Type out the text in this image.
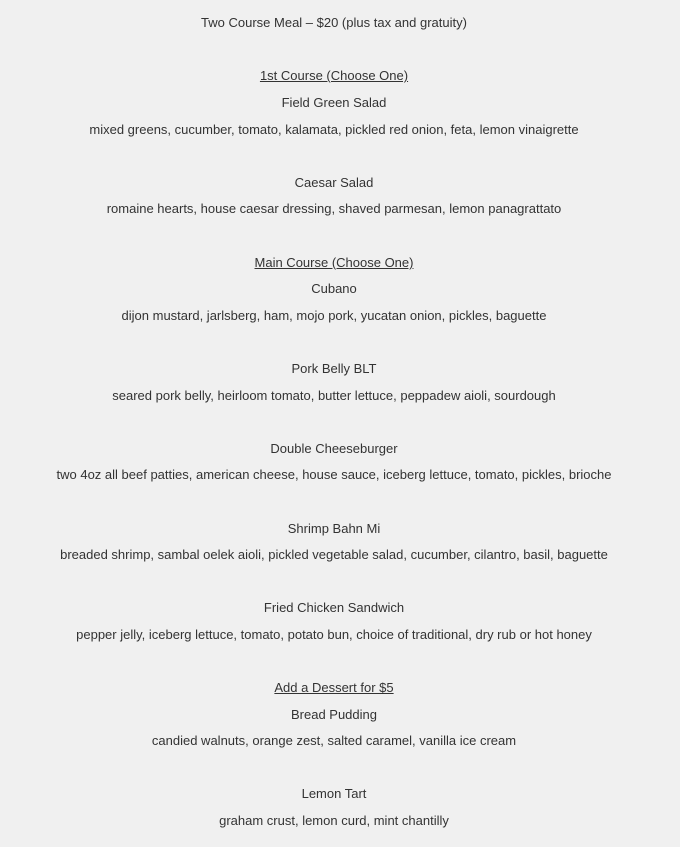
Two Course Meal – $20 (plus tax and gratuity)
1st Course (Choose One)
Field Green Salad
mixed greens, cucumber, tomato, kalamata, pickled red onion, feta, lemon vinaigrette
Caesar Salad
romaine hearts, house caesar dressing, shaved parmesan, lemon panagrattato
Main Course (Choose One)
Cubano
dijon mustard, jarlsberg, ham, mojo pork, yucatan onion, pickles, baguette
Pork Belly BLT
seared pork belly, heirloom tomato, butter lettuce, peppadew aioli, sourdough
Double Cheeseburger
two 4oz all beef patties, american cheese, house sauce, iceberg lettuce, tomato, pickles, brioche
Shrimp Bahn Mi
breaded shrimp, sambal oelek aioli, pickled vegetable salad, cucumber, cilantro, basil, baguette
Fried Chicken Sandwich
pepper jelly, iceberg lettuce, tomato, potato bun, choice of traditional, dry rub or hot honey
Add a Dessert for $5
Bread Pudding
candied walnuts, orange zest, salted caramel, vanilla ice cream
Lemon Tart
graham crust, lemon curd, mint chantilly
